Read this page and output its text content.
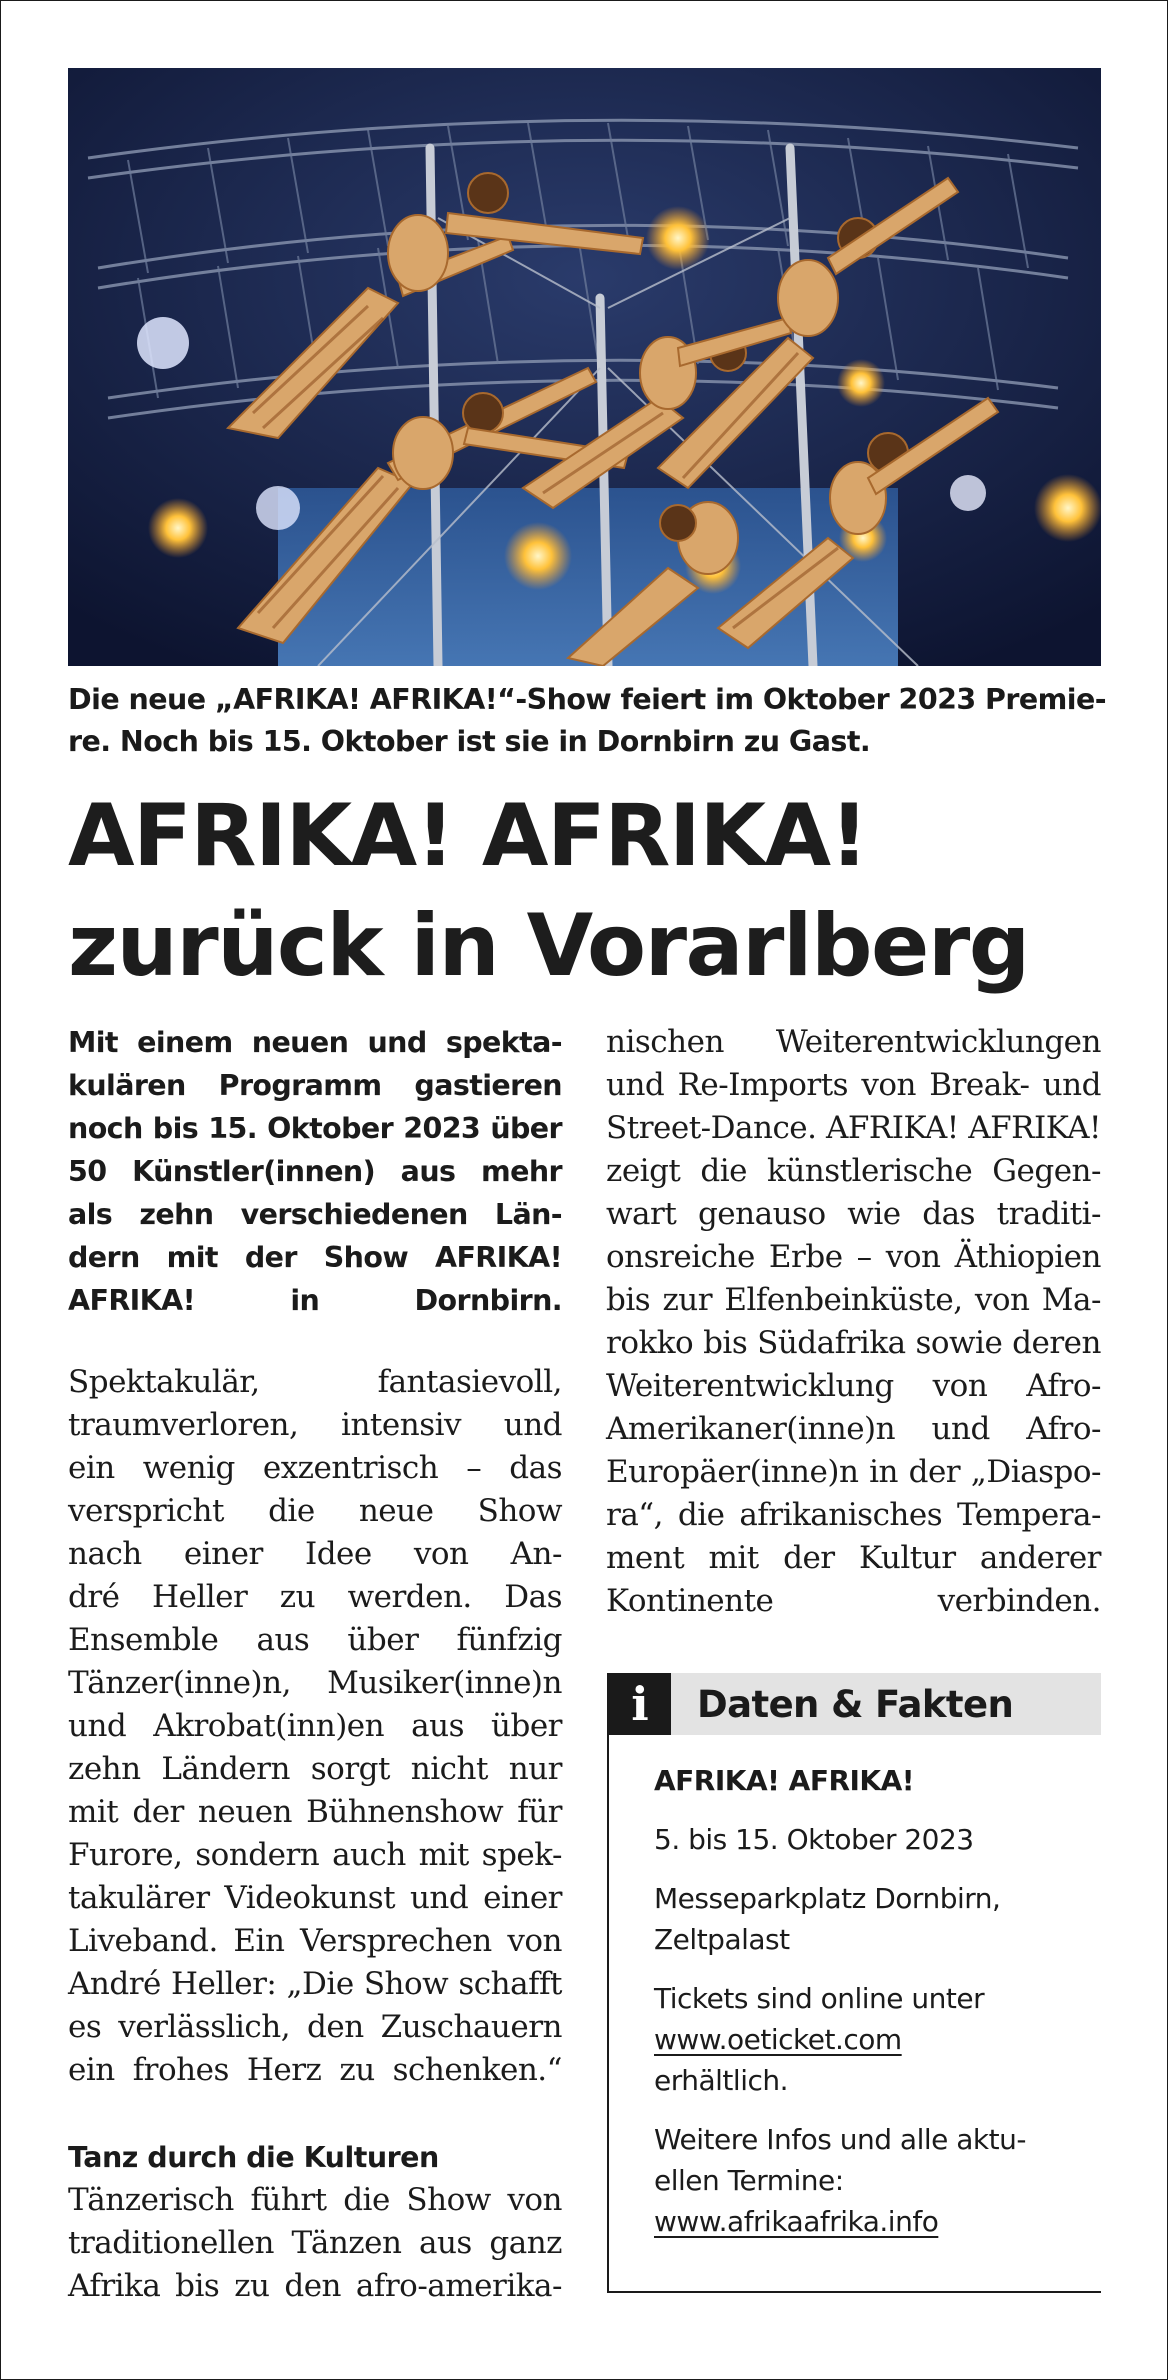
Die neue „AFRIKA! AFRIKA!“-Show feiert im Oktober 2023 Premie-
re. Noch bis 15. Oktober ist sie in Dornbirn zu Gast.
AFRIKA! AFRIKA!
zurück in Vorarlberg
Mit einem neuen und spekta-
kulären Programm gastieren
noch bis 15. Oktober 2023 über
50 Künstler(innen) aus mehr
als zehn verschiedenen Län-
dern mit der Show AFRIKA!
AFRIKA! in Dornbirn.
Spektakulär, fantasievoll,
traumverloren, intensiv und
ein wenig exzentrisch – das
verspricht die neue Show
nach einer Idee von An-
dré Heller zu werden. Das
Ensemble aus über fünfzig
Tänzer(inne)n, Musiker(inne)n
und Akrobat(inn)en aus über
zehn Ländern sorgt nicht nur
mit der neuen Bühnenshow für
Furore, sondern auch mit spek-
takulärer Videokunst und einer
Liveband. Ein Versprechen von
André Heller: „Die Show schafft
es verlässlich, den Zuschauern
ein frohes Herz zu schenken.“
Tanz durch die Kulturen
Tänzerisch führt die Show von
traditionellen Tänzen aus ganz
Afrika bis zu den afro-amerika-
nischen Weiterentwicklungen
und Re-Imports von Break- und
Street-Dance. AFRIKA! AFRIKA!
zeigt die künstlerische Gegen-
wart genauso wie das traditi-
onsreiche Erbe – von Äthiopien
bis zur Elfenbeinküste, von Ma-
rokko bis Südafrika sowie deren
Weiterentwicklung von Afro-
Amerikaner(inne)n und Afro-
Europäer(inne)n in der „Diaspo-
ra“, die afrikanisches Tempera-
ment mit der Kultur anderer
Kontinente verbinden.
i	Daten & Fakten
AFRIKA! AFRIKA!
5. bis 15. Oktober 2023
Messeparkplatz Dornbirn,
Zeltpalast
Tickets sind online unter
www.oeticket.com
erhältlich.
Weitere Infos und alle aktu-
ellen Termine:
www.afrikaafrika.info
